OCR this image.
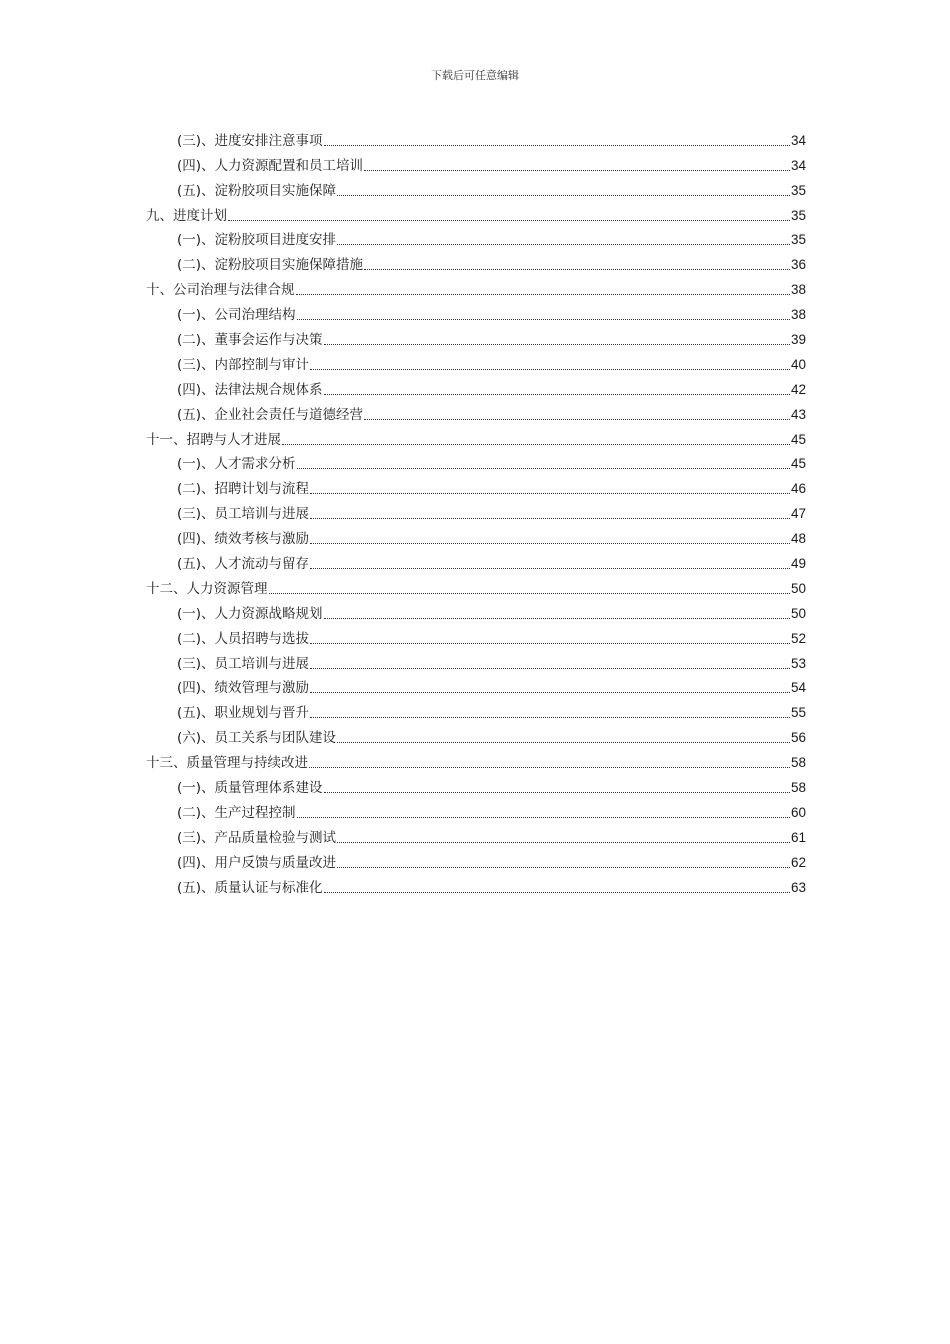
下载后可任意编辑
(三)、进度安排注意事项	34
(四)、人力资源配置和员工培训	34
(五)、淀粉胶项目实施保障	35
九、进度计划	35
(一)、淀粉胶项目进度安排	35
(二)、淀粉胶项目实施保障措施	36
十、公司治理与法律合规	38
(一)、公司治理结构	38
(二)、董事会运作与决策	39
(三)、内部控制与审计	40
(四)、法律法规合规体系	42
(五)、企业社会责任与道德经营	43
十一、招聘与人才进展	45
(一)、人才需求分析	45
(二)、招聘计划与流程	46
(三)、员工培训与进展	47
(四)、绩效考核与激励	48
(五)、人才流动与留存	49
十二、人力资源管理	50
(一)、人力资源战略规划	50
(二)、人员招聘与选拔	52
(三)、员工培训与进展	53
(四)、绩效管理与激励	54
(五)、职业规划与晋升	55
(六)、员工关系与团队建设	56
十三、质量管理与持续改进	58
(一)、质量管理体系建设	58
(二)、生产过程控制	60
(三)、产品质量检验与测试	61
(四)、用户反馈与质量改进	62
(五)、质量认证与标准化	63
